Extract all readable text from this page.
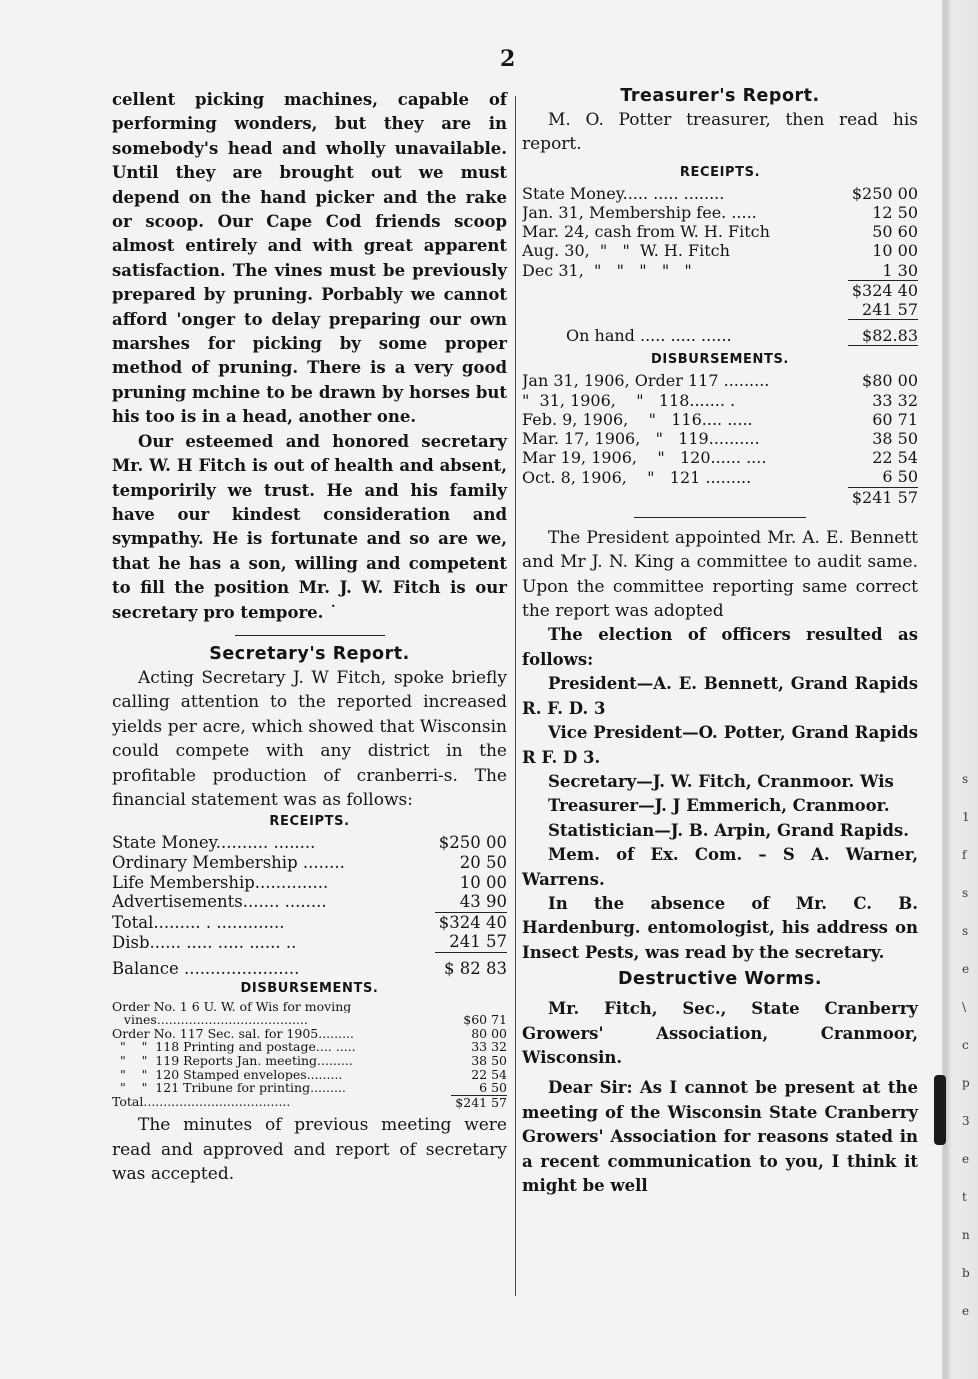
2

cellent picking machines, capable of performing wonders, but they are in somebody's head and wholly unavailable. Until they are brought out we must depend on the hand picker and the rake or scoop. Our Cape Cod friends scoop almost entirely and with great apparent satisfaction. The vines must be previously prepared by pruning. Porbably we cannot afford 'onger to delay preparing our own marshes for picking by some proper method of pruning. There is a very good pruning mchine to be drawn by horses but his too is in a head, another one.

Our esteemed and honored secretary Mr. W. H Fitch is out of health and absent, temporirily we trust. He and his family have our kindest consideration and sympathy. He is fortunate and so are we, that he has a son, willing and competent to fill the position Mr. J. W. Fitch is our secretary pro tempore. ˙

Secretary's Report.

Acting Secretary J. W Fitch, spoke briefly calling attention to the reported increased yields per acre, which showed that Wisconsin could compete with any district in the profitable production of cranberri-s. The financial statement was as follows:

RECEIPTS.
State Money.......... ........	$250 00
Ordinary Membership ........	20 50
Life Membership..............	10 00
Advertisements....... ........	43 90
Total......... . .............	$324 40
Disb...... ..... ..... ...... ..	241 57
Balance ......................	$ 82 83
DISBURSEMENTS.
Order No. 1 6 U. W. of Wis for moving	
vines......................................	$60 71
Order No. 117 Sec. sal. for 1905.........	80 00
"    "  118 Printing and postage.... .....	33 32
"    "  119 Reports Jan. meeting.........	38 50
"    "  120 Stamped envelopes.........	22 54
"    "  121 Tribune for printing.........	6 50
Total.....................................	$241 57

The minutes of previous meeting were read and approved and report of secretary was accepted.

Treasurer's Report.

M. O. Potter treasurer, then read his report.

RECEIPTS.
State Money..... ..... ........	$250 00
Jan. 31, Membership fee. .....	12 50
Mar. 24, cash from W. H. Fitch	50 60
Aug. 30,  "   "  W. H. Fitch	10 00
Dec 31,  "   "   "   "   "	1 30
	$324 40
	241 57
On hand ..... ..... ......	$82.83
DISBURSEMENTS.
Jan 31, 1906, Order 117 .........	$80 00
"  31, 1906,    "   118....... .	33 32
Feb. 9, 1906,    "   116.... .....	60 71
Mar. 17, 1906,   "   119..........	38 50
Mar 19, 1906,    "   120...... ....	22 54
Oct. 8, 1906,    "   121 .........	6 50
	$241 57

The President appointed Mr. A. E. Bennett and Mr J. N. King a committee to audit same. Upon the committee reporting same correct the report was adopted

The election of officers resulted as follows:

President—A. E. Bennett, Grand Rapids R. F. D. 3

Vice President—O. Potter, Grand Rapids R F. D 3.

Secretary—J. W. Fitch, Cranmoor. Wis

Treasurer—J. J Emmerich, Cranmoor.

Statistician—J. B. Arpin, Grand Rapids.

Mem. of Ex. Com. – S A. Warner, Warrens.

In the absence of Mr. C. B. Hardenburg. entomologist, his address on Insect Pests, was read by the secretary.

Destructive Worms.

Mr. Fitch, Sec., State Cranberry Growers' Association, Cranmoor, Wisconsin.

Dear Sir: As I cannot be present at the meeting of the Wisconsin State Cranberry Growers' Association for reasons stated in a recent communication to you, I think it might be well

s
1
f
s
s
e
\
c
p
3
e
t
n
b
e
